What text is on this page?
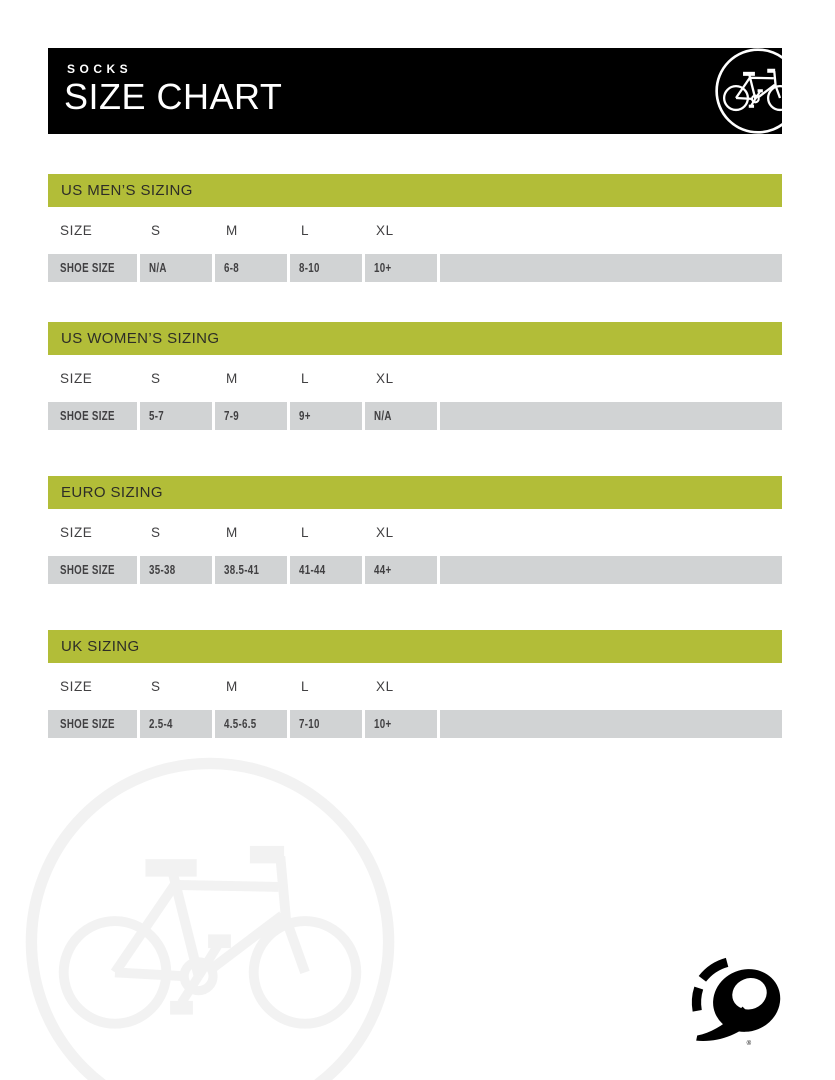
SOCKS
SIZE CHART
US MEN’S SIZING
SIZE	S	M	L	XL
SHOE SIZE	N/A	6-8	8-10	10+
US WOMEN’S SIZING
SIZE	S	M	L	XL
SHOE SIZE	5-7	7-9	9+	N/A
EURO SIZING
SIZE	S	M	L	XL
SHOE SIZE	35-38	38.5-41	41-44	44+
UK SIZING
SIZE	S	M	L	XL
SHOE SIZE	2.5-4	4.5-6.5	7-10	10+
®
